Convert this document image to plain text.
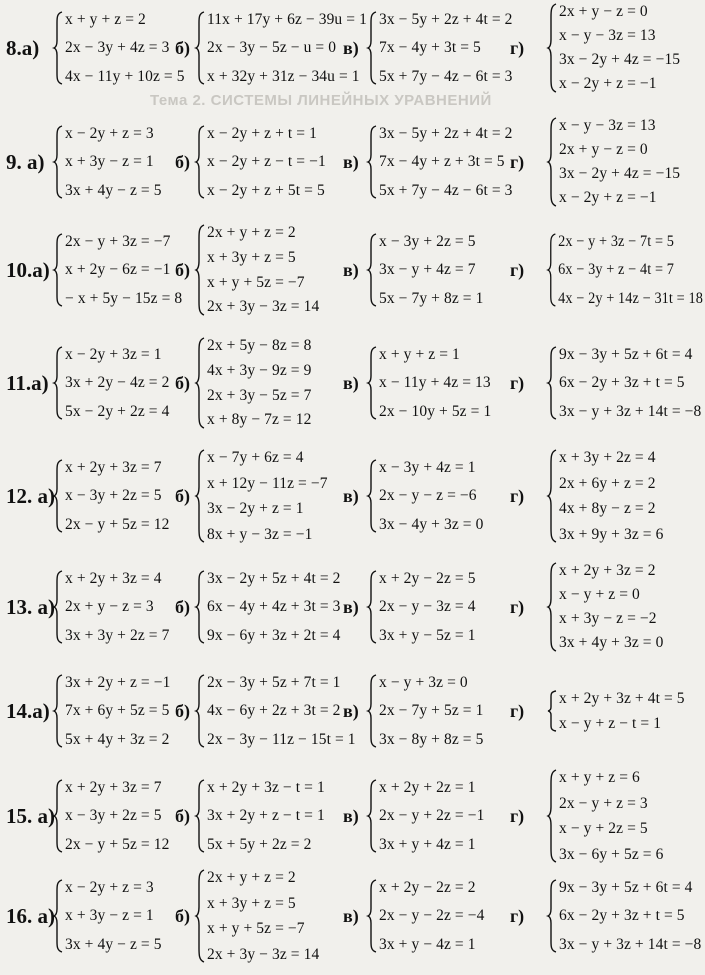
Тема 2. СИСТЕМЫ ЛИНЕЙНЫХ УРАВНЕНИЙ
8.а)
x + y + z = 2
2x − 3y + 4z = 3
4x − 11y + 10z = 5
б)
11x + 17y + 6z − 39u = 1
2x − 3y − 5z − u = 0
x + 32y + 31z − 34u = 1
в)
3x − 5y + 2z + 4t = 2
7x − 4y + 3t = 5
5x + 7y − 4z − 6t = 3
г)
2x + y − z = 0
x − y − 3z = 13
3x − 2y + 4z = −15
x − 2y + z = −1
9. а)
x − 2y + z = 3
x + 3y − z = 1
3x + 4y − z = 5
б)
x − 2y + z + t = 1
x − 2y + z − t = −1
x − 2y + z + 5t = 5
в)
3x − 5y + 2z + 4t = 2
7x − 4y + z + 3t = 5
5x + 7y − 4z − 6t = 3
г)
x − y − 3z = 13
2x + y − z = 0
3x − 2y + 4z = −15
x − 2y + z = −1
10.а)
2x − y + 3z = −7
x + 2y − 6z = −1
− x + 5y − 15z = 8
б)
2x + y + z = 2
x + 3y + z = 5
x + y + 5z = −7
2x + 3y − 3z = 14
в)
x − 3y + 2z = 5
3x − y + 4z = 7
5x − 7y + 8z = 1
г)
2x − y + 3z − 7t = 5
6x − 3y + z − 4t = 7
4x − 2y + 14z − 31t = 18
11.а)
x − 2y + 3z = 1
3x + 2y − 4z = 2
5x − 2y + 2z = 4
б)
2x + 5y − 8z = 8
4x + 3y − 9z = 9
2x + 3y − 5z = 7
x + 8y − 7z = 12
в)
x + y + z = 1
x − 11y + 4z = 13
2x − 10y + 5z = 1
г)
9x − 3y + 5z + 6t = 4
6x − 2y + 3z + t = 5
3x − y + 3z + 14t = −8
12. а)
x + 2y + 3z = 7
x − 3y + 2z = 5
2x − y + 5z = 12
б)
x − 7y + 6z = 4
x + 12y − 11z = −7
3x − 2y + z = 1
8x + y − 3z = −1
в)
x − 3y + 4z = 1
2x − y − z = −6
3x − 4y + 3z = 0
г)
x + 3y + 2z = 4
2x + 6y + z = 2
4x + 8y − z = 2
3x + 9y + 3z = 6
13. а)
x + 2y + 3z = 4
2x + y − z = 3
3x + 3y + 2z = 7
б)
3x − 2y + 5z + 4t = 2
6x − 4y + 4z + 3t = 3
9x − 6y + 3z + 2t = 4
в)
x + 2y − 2z = 5
2x − y − 3z = 4
3x + y − 5z = 1
г)
x + 2y + 3z = 2
x − y + z = 0
x + 3y − z = −2
3x + 4y + 3z = 0
14.а)
3x + 2y + z = −1
7x + 6y + 5z = 5
5x + 4y + 3z = 2
б)
2x − 3y + 5z + 7t = 1
4x − 6y + 2z + 3t = 2
2x − 3y − 11z − 15t = 1
в)
x − y + 3z = 0
2x − 7y + 5z = 1
3x − 8y + 8z = 5
г)
x + 2y + 3z + 4t = 5
x − y + z − t = 1
15. а)
x + 2y + 3z = 7
x − 3y + 2z = 5
2x − y + 5z = 12
б)
x + 2y + 3z − t = 1
3x + 2y + z − t = 1
5x + 5y + 2z = 2
в)
x + 2y + 2z = 1
2x − y + 2z = −1
3x + y + 4z = 1
г)
x + y + z = 6
2x − y + z = 3
x − y + 2z = 5
3x − 6y + 5z = 6
16. а)
x − 2y + z = 3
x + 3y − z = 1
3x + 4y − z = 5
б)
2x + y + z = 2
x + 3y + z = 5
x + y + 5z = −7
2x + 3y − 3z = 14
в)
x + 2y − 2z = 2
2x − y − 2z = −4
3x + y − 4z = 1
г)
9x − 3y + 5z + 6t = 4
6x − 2y + 3z + t = 5
3x − y + 3z + 14t = −8
